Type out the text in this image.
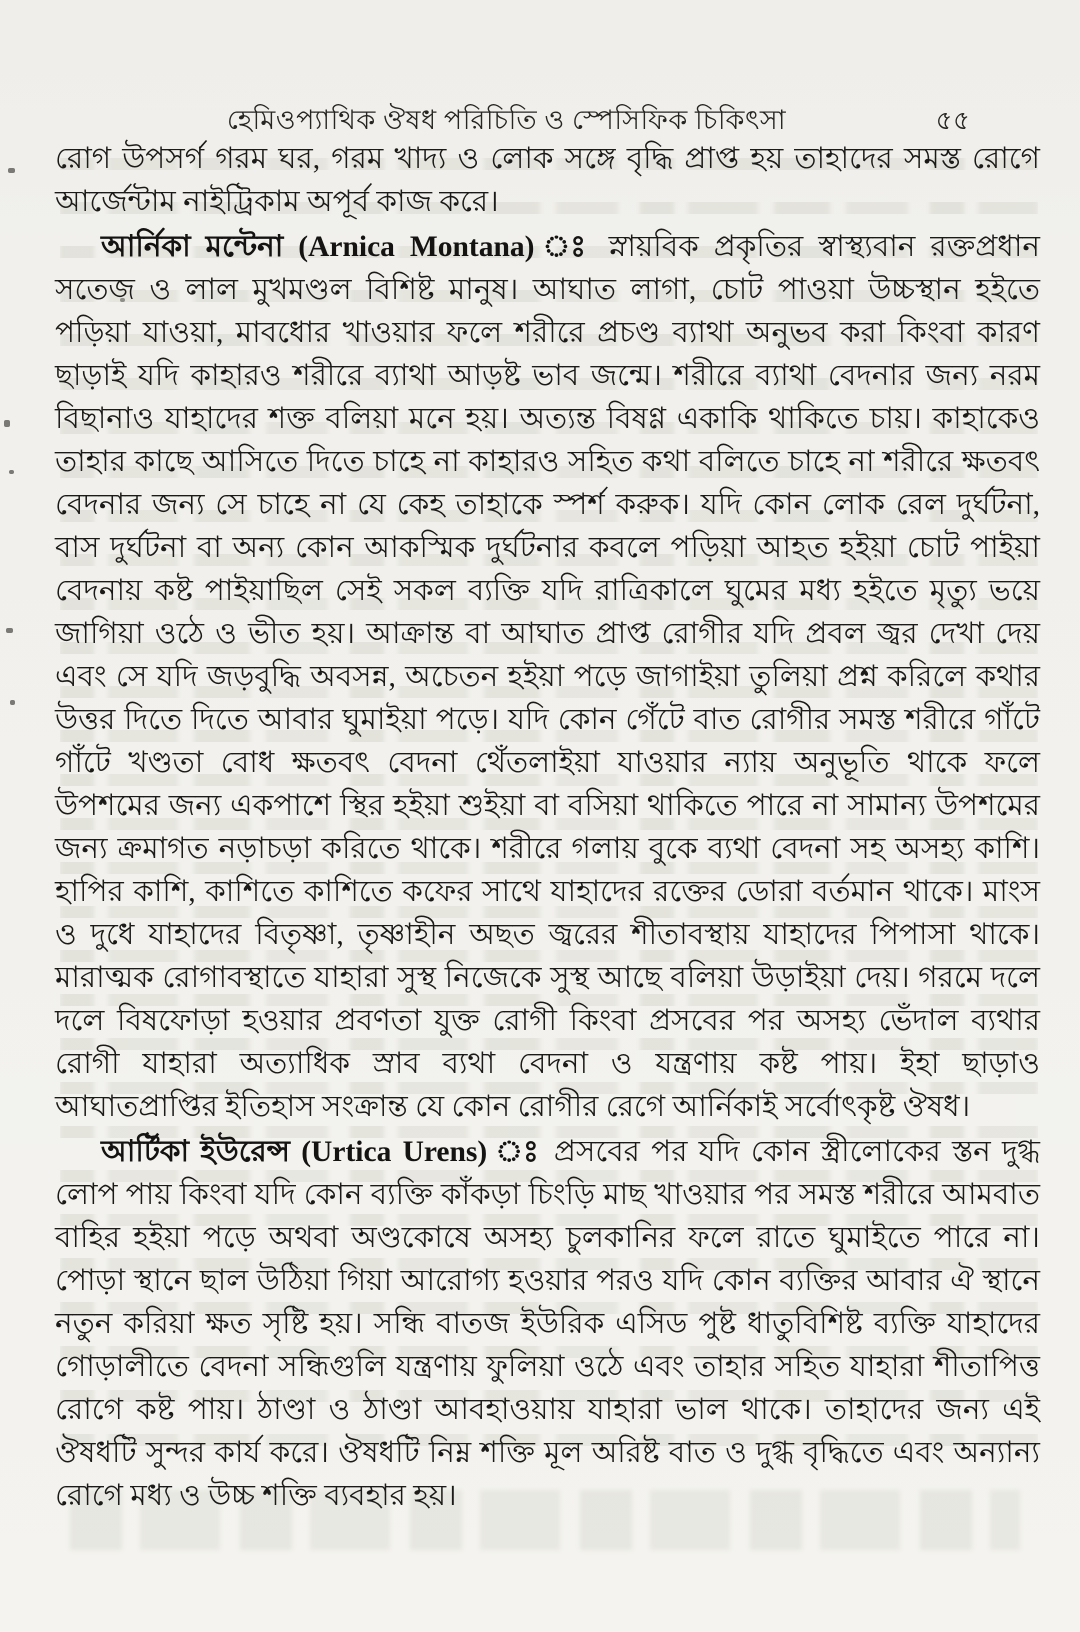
হেমিওপ্যাথিক ঔষধ পরিচিতি ও স্পেসিফিক চিকিৎসা	৫৫

রোগ উপসর্গ গরম ঘর, গরম খাদ্য ও লোক সঙ্গে বৃদ্ধি প্রাপ্ত হয় তাহাদের সমস্ত রোগে আর্জেন্টাম নাইট্রিকাম অপূর্ব কাজ করে।

আর্নিকা মন্টেনা (Arnica Montana) ঃ স্নায়বিক প্রকৃতির স্বাস্থ্যবান রক্তপ্রধান সতেজ ও লাল মুখমণ্ডল বিশিষ্ট মানুষ। আঘাত লাগা, চোট পাওয়া উচ্চস্থান হইতে পড়িয়া যাওয়া, মাবধোর খাওয়ার ফলে শরীরে প্রচণ্ড ব্যাথা অনুভব করা কিংবা কারণ ছাড়াই যদি কাহারও শরীরে ব্যাথা আড়ষ্ট ভাব জন্মে। শরীরে ব্যাথা বেদনার জন্য নরম বিছানাও যাহাদের শক্ত বলিয়া মনে হয়। অত্যন্ত বিষণ্ণ একাকি থাকিতে চায়। কাহাকেও তাহার কাছে আসিতে দিতে চাহে না কাহারও সহিত কথা বলিতে চাহে না শরীরে ক্ষতবৎ বেদনার জন্য সে চাহে না যে কেহ তাহাকে স্পর্শ করুক। যদি কোন লোক রেল দুর্ঘটনা, বাস দুর্ঘটনা বা অন্য কোন আকস্মিক দুর্ঘটনার কবলে পড়িয়া আহত হইয়া চোট পাইয়া বেদনায় কষ্ট পাইয়াছিল সেই সকল ব্যক্তি যদি রাত্রিকালে ঘুমের মধ্য হইতে মৃত্যু ভয়ে জাগিয়া ওঠে ও ভীত হয়। আক্রান্ত বা আঘাত প্রাপ্ত রোগীর যদি প্রবল জ্বর দেখা দেয় এবং সে যদি জড়বুদ্ধি অবসন্ন, অচেতন হইয়া পড়ে জাগাইয়া তুলিয়া প্রশ্ন করিলে কথার উত্তর দিতে দিতে আবার ঘুমাইয়া পড়ে। যদি কোন গেঁটে বাত রোগীর সমস্ত শরীরে গাঁটে গাঁটে খণ্ডতা বোধ ক্ষতবৎ বেদনা থেঁতলাইয়া যাওয়ার ন্যায় অনুভূতি থাকে ফলে উপশমের জন্য একপাশে স্থির হইয়া শুইয়া বা বসিয়া থাকিতে পারে না সামান্য উপশমের জন্য ক্রমাগত নড়াচড়া করিতে থাকে। শরীরে গলায় বুকে ব্যথা বেদনা সহ অসহ্য কাশি। হাপির কাশি, কাশিতে কাশিতে কফের সাথে যাহাদের রক্তের ডোরা বর্তমান থাকে। মাংস ও দুধে যাহাদের বিতৃষ্ণা, তৃষ্ণাহীন অছত জ্বরের শীতাবস্থায় যাহাদের পিপাসা থাকে। মারাত্মক রোগাবস্থাতে যাহারা সুস্থ নিজেকে সুস্থ আছে বলিয়া উড়াইয়া দেয়। গরমে দলে দলে বিষফোড়া হওয়ার প্রবণতা যুক্ত রোগী কিংবা প্রসবের পর অসহ্য ভেঁদাল ব্যথার রোগী যাহারা অত্যাধিক স্রাব ব্যথা বেদনা ও যন্ত্রণায় কষ্ট পায়। ইহা ছাড়াও আঘাতপ্রাপ্তির ইতিহাস সংক্রান্ত যে কোন রোগীর রেগে আর্নিকাই সর্বোৎকৃষ্ট ঔষধ।

আর্টিকা ইউরেন্স (Urtica Urens) ঃ প্রসবের পর যদি কোন স্ত্রীলোকের স্তন দুগ্ধ লোপ পায় কিংবা যদি কোন ব্যক্তি কাঁকড়া চিংড়ি মাছ খাওয়ার পর সমস্ত শরীরে আমবাত বাহির হইয়া পড়ে অথবা অণ্ডকোষে অসহ্য চুলকানির ফলে রাতে ঘুমাইতে পারে না। পোড়া স্থানে ছাল উঠিয়া গিয়া আরোগ্য হওয়ার পরও যদি কোন ব্যক্তির আবার ঐ স্থানে নতুন করিয়া ক্ষত সৃষ্টি হয়। সন্ধি বাতজ ইউরিক এসিড পুষ্ট ধাতুবিশিষ্ট ব্যক্তি যাহাদের গোড়ালীতে বেদনা সন্ধিগুলি যন্ত্রণায় ফুলিয়া ওঠে এবং তাহার সহিত যাহারা শীতাপিত্ত রোগে কষ্ট পায়। ঠাণ্ডা ও ঠাণ্ডা আবহাওয়ায় যাহারা ভাল থাকে। তাহাদের জন্য এই ঔষধটি সুন্দর কার্য করে। ঔষধটি নিম্ন শক্তি মূল অরিষ্ট বাত ও দুগ্ধ বৃদ্ধিতে এবং অন্যান্য রোগে মধ্য ও উচ্চ শক্তি ব্যবহার হয়।
